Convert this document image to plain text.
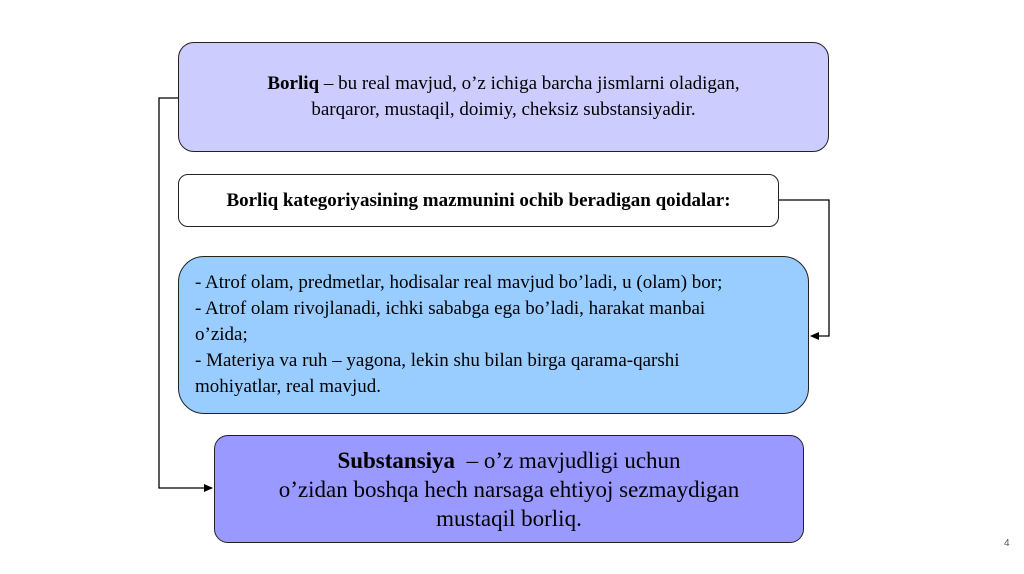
Borliq – bu real mavjud, o’z ichiga barcha jismlarni oladigan,
barqaror, mustaqil, doimiy, cheksiz substansiyadir.
Borliq kategoriyasining mazmunini ochib beradigan qoidalar:
- Atrof olam, predmetlar, hodisalar real mavjud bo’ladi, u (olam) bor;
- Atrof olam rivojlanadi, ichki sababga ega bo’ladi, harakat manbai
o’zida;
- Materiya va ruh – yagona, lekin shu bilan birga qarama-qarshi
mohiyatlar, real mavjud.
Substansiya  – o’z mavjudligi uchun
o’zidan boshqa hech narsaga ehtiyoj sezmaydigan
mustaqil borliq.
4
